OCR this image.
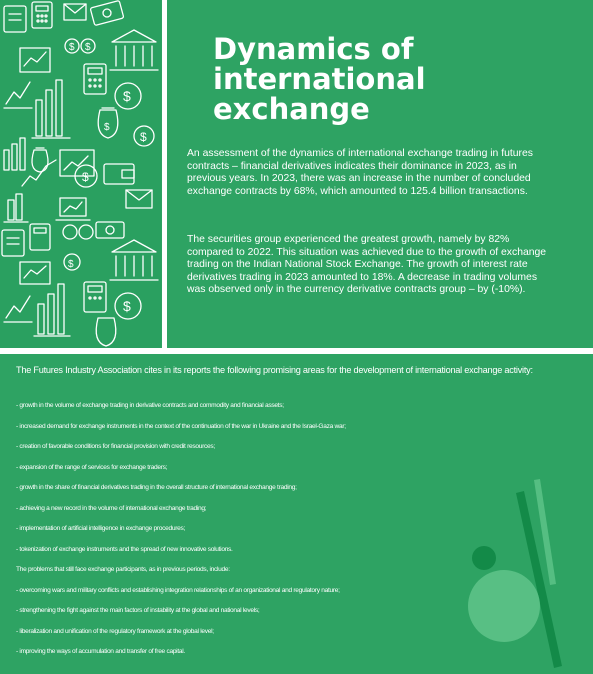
$ $
$
$
$
$
$
$
Dynamics of international exchange

An assessment of the dynamics of international exchange trading in futures contracts – financial derivatives indicates their dominance in 2023, as in previous years. In 2023, there was an increase in the number of concluded exchange contracts by 68%, which amounted to 125.4 billion transactions.

The securities group experienced the greatest growth, namely by 82% compared to 2022. This situation was achieved due to the growth of exchange trading on the Indian National Stock Exchange. The growth of interest rate derivatives trading in 2023 amounted to 18%. A decrease in trading volumes was observed only in the currency derivative contracts group – by (-10%).

The Futures Industry Association cites in its reports the following promising areas for the development of international exchange activity:

- growth in the volume of exchange trading in derivative contracts and commodity and financial assets;
- increased demand for exchange instruments in the context of the continuation of the war in Ukraine and the Israel-Gaza war;
- creation of favorable conditions for financial provision with credit resources;
- expansion of the range of services for exchange traders;
- growth in the share of financial derivatives trading in the overall structure of international exchange trading;
- achieving a new record in the volume of international exchange trading;
- implementation of artificial intelligence in exchange procedures;
- tokenization of exchange instruments and the spread of new innovative solutions.
The problems that still face exchange participants, as in previous periods, include:
- overcoming wars and military conflicts and establishing integration relationships of an organizational and regulatory nature;
- strengthening the fight against the main factors of instability at the global and national levels;
- liberalization and unification of the regulatory framework at the global level;
- improving the ways of accumulation and transfer of free capital.
